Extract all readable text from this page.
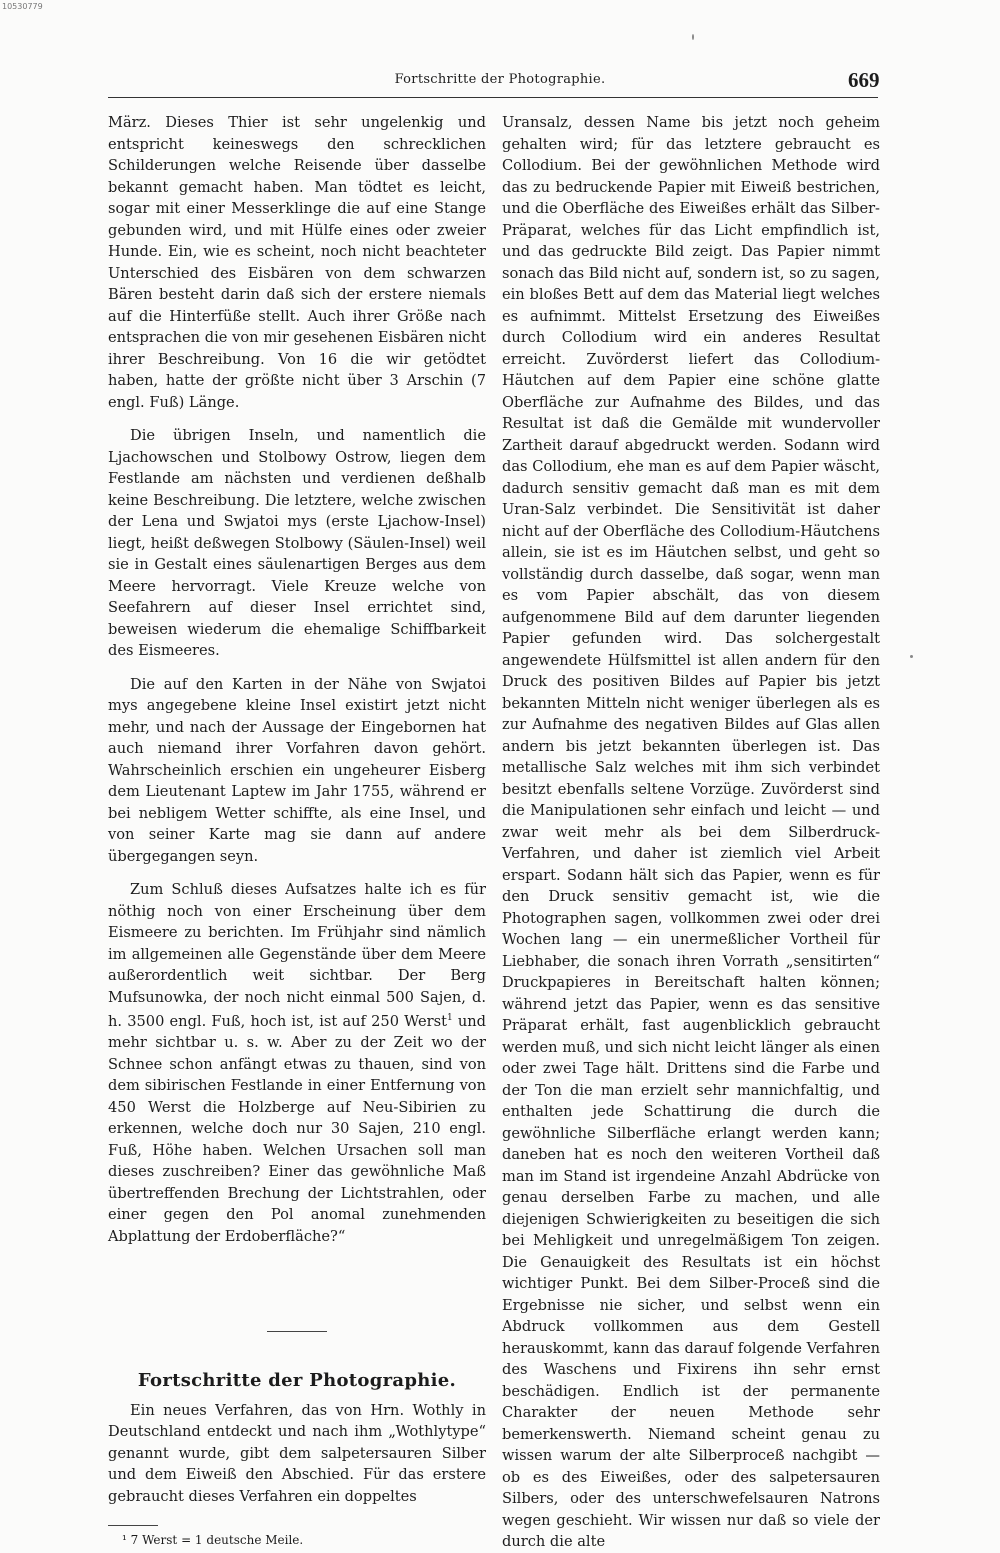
10530779
Fortschritte der Photographie.	669

März. Dieses Thier ist sehr ungelenkig und entspricht keineswegs den schrecklichen Schilderungen welche Reisende über dasselbe bekannt gemacht haben. Man tödtet es leicht, sogar mit einer Messerklinge die auf eine Stange gebunden wird, und mit Hülfe eines oder zweier Hunde. Ein, wie es scheint, noch nicht beachteter Unterschied des Eisbären von dem schwarzen Bären besteht darin daß sich der erstere niemals auf die Hinterfüße stellt. Auch ihrer Größe nach entsprachen die von mir gesehenen Eisbären nicht ihrer Beschreibung. Von 16 die wir getödtet haben, hatte der größte nicht über 3 Arschin (7 engl. Fuß) Länge.

Die übrigen Inseln, und namentlich die Ljachowschen und Stolbowy Ostrow, liegen dem Festlande am nächsten und verdienen deßhalb keine Beschreibung. Die letztere, welche zwischen der Lena und Swjatoi mys (erste Ljachow-Insel) liegt, heißt deßwegen Stolbowy (Säulen-Insel) weil sie in Gestalt eines säulenartigen Berges aus dem Meere hervorragt. Viele Kreuze welche von Seefahrern auf dieser Insel errichtet sind, beweisen wiederum die ehemalige Schiffbarkeit des Eismeeres.

Die auf den Karten in der Nähe von Swjatoi mys angegebene kleine Insel existirt jetzt nicht mehr, und nach der Aussage der Eingebornen hat auch niemand ihrer Vorfahren davon gehört. Wahrscheinlich erschien ein ungeheurer Eisberg dem Lieutenant Laptew im Jahr 1755, während er bei nebligem Wetter schiffte, als eine Insel, und von seiner Karte mag sie dann auf andere übergegangen seyn.

Zum Schluß dieses Aufsatzes halte ich es für nöthig noch von einer Erscheinung über dem Eismeere zu berichten. Im Frühjahr sind nämlich im allgemeinen alle Gegenstände über dem Meere außerordentlich weit sichtbar. Der Berg Mufsunowka, der noch nicht einmal 500 Sajen, d. h. 3500 engl. Fuß, hoch ist, ist auf 250 Werst$^1$ und mehr sichtbar u. s. w. Aber zu der Zeit wo der Schnee schon anfängt etwas zu thauen, sind von dem sibirischen Festlande in einer Entfernung von 450 Werst die Holzberge auf Neu-Sibirien zu erkennen, welche doch nur 30 Sajen, 210 engl. Fuß, Höhe haben. Welchen Ursachen soll man dieses zuschreiben? Einer das gewöhnliche Maß übertreffenden Brechung der Lichtstrahlen, oder einer gegen den Pol anomal zunehmenden Abplattung der Erdoberfläche?“

Fortschritte der Photographie.

Ein neues Verfahren, das von Hrn. Wothly in Deutschland entdeckt und nach ihm „Wothlytype“ genannt wurde, gibt dem salpetersauren Silber und dem Eiweiß den Abschied. Für das erstere gebraucht dieses Verfahren ein doppeltes

¹ 7 Werst = 1 deutsche Meile.

Uransalz, dessen Name bis jetzt noch geheim gehalten wird; für das letztere gebraucht es Collodium. Bei der gewöhnlichen Methode wird das zu bedruckende Papier mit Eiweiß bestrichen, und die Oberfläche des Eiweißes erhält das Silber-Präparat, welches für das Licht empfindlich ist, und das gedruckte Bild zeigt. Das Papier nimmt sonach das Bild nicht auf, sondern ist, so zu sagen, ein bloßes Bett auf dem das Material liegt welches es aufnimmt. Mittelst Ersetzung des Eiweißes durch Collodium wird ein anderes Resultat erreicht. Zuvörderst liefert das Collodium-Häutchen auf dem Papier eine schöne glatte Oberfläche zur Aufnahme des Bildes, und das Resultat ist daß die Gemälde mit wundervoller Zartheit darauf abgedruckt werden. Sodann wird das Collodium, ehe man es auf dem Papier wäscht, dadurch sensitiv gemacht daß man es mit dem Uran-Salz verbindet. Die Sensitivität ist daher nicht auf der Oberfläche des Collodium-Häutchens allein, sie ist es im Häutchen selbst, und geht so vollständig durch dasselbe, daß sogar, wenn man es vom Papier abschält, das von diesem aufgenommene Bild auf dem darunter liegenden Papier gefunden wird. Das solchergestalt angewendete Hülfsmittel ist allen andern für den Druck des positiven Bildes auf Papier bis jetzt bekannten Mitteln nicht weniger überlegen als es zur Aufnahme des negativen Bildes auf Glas allen andern bis jetzt bekannten überlegen ist. Das metallische Salz welches mit ihm sich verbindet besitzt ebenfalls seltene Vorzüge. Zuvörderst sind die Manipulationen sehr einfach und leicht — und zwar weit mehr als bei dem Silberdruck-Verfahren, und daher ist ziemlich viel Arbeit erspart. Sodann hält sich das Papier, wenn es für den Druck sensitiv gemacht ist, wie die Photographen sagen, vollkommen zwei oder drei Wochen lang — ein unermeßlicher Vortheil für Liebhaber, die sonach ihren Vorrath „sensitirten“ Druckpapieres in Bereitschaft halten können; während jetzt das Papier, wenn es das sensitive Präparat erhält, fast augenblicklich gebraucht werden muß, und sich nicht leicht länger als einen oder zwei Tage hält. Drittens sind die Farbe und der Ton die man erzielt sehr mannichfaltig, und enthalten jede Schattirung die durch die gewöhnliche Silberfläche erlangt werden kann; daneben hat es noch den weiteren Vortheil daß man im Stand ist irgendeine Anzahl Abdrücke von genau derselben Farbe zu machen, und alle diejenigen Schwierigkeiten zu beseitigen die sich bei Mehligkeit und unregelmäßigem Ton zeigen. Die Genauigkeit des Resultats ist ein höchst wichtiger Punkt. Bei dem Silber-Proceß sind die Ergebnisse nie sicher, und selbst wenn ein Abdruck vollkommen aus dem Gestell herauskommt, kann das darauf folgende Verfahren des Waschens und Fixirens ihn sehr ernst beschädigen. Endlich ist der permanente Charakter der neuen Methode sehr bemerkenswerth. Niemand scheint genau zu wissen warum der alte Silberproceß nachgibt — ob es des Eiweißes, oder des salpetersauren Silbers, oder des unterschwefelsauren Natrons wegen geschieht. Wir wissen nur daß so viele der durch die alte
